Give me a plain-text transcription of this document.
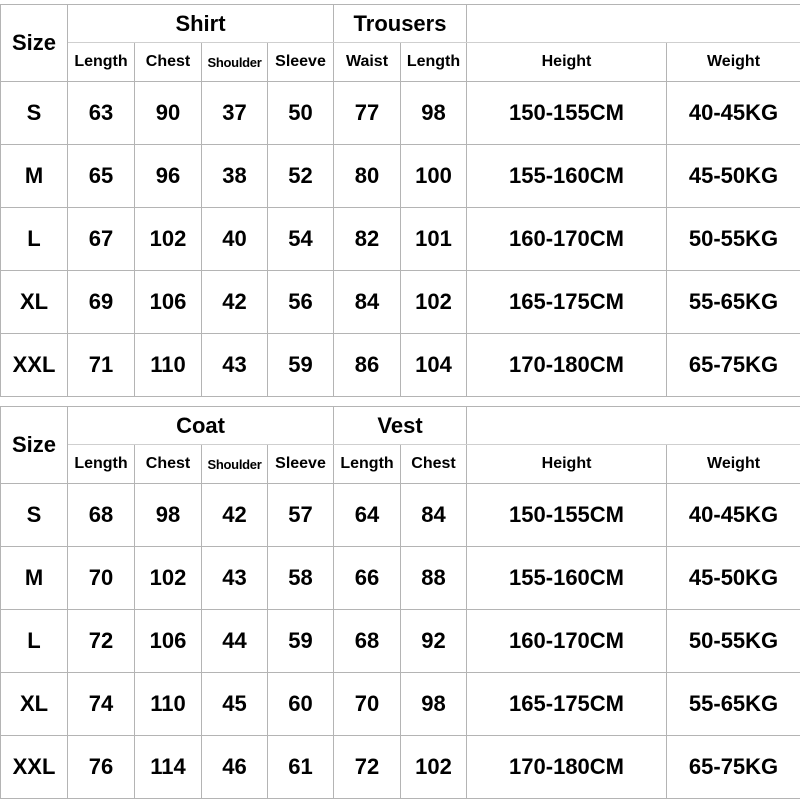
Size	Shirt				Trousers			
	Length	Chest	Shoulder	Sleeve	Waist	Length	Height	Weight
S	63	90	37	50	77	98	150-155CM	40-45KG
M	65	96	38	52	80	100	155-160CM	45-50KG
L	67	102	40	54	82	101	160-170CM	50-55KG
XL	69	106	42	56	84	102	165-175CM	55-65KG
XXL	71	110	43	59	86	104	170-180CM	65-75KG
Size	Coat				Vest			
	Length	Chest	Shoulder	Sleeve	Length	Chest	Height	Weight
S	68	98	42	57	64	84	150-155CM	40-45KG
M	70	102	43	58	66	88	155-160CM	45-50KG
L	72	106	44	59	68	92	160-170CM	50-55KG
XL	74	110	45	60	70	98	165-175CM	55-65KG
XXL	76	114	46	61	72	102	170-180CM	65-75KG
